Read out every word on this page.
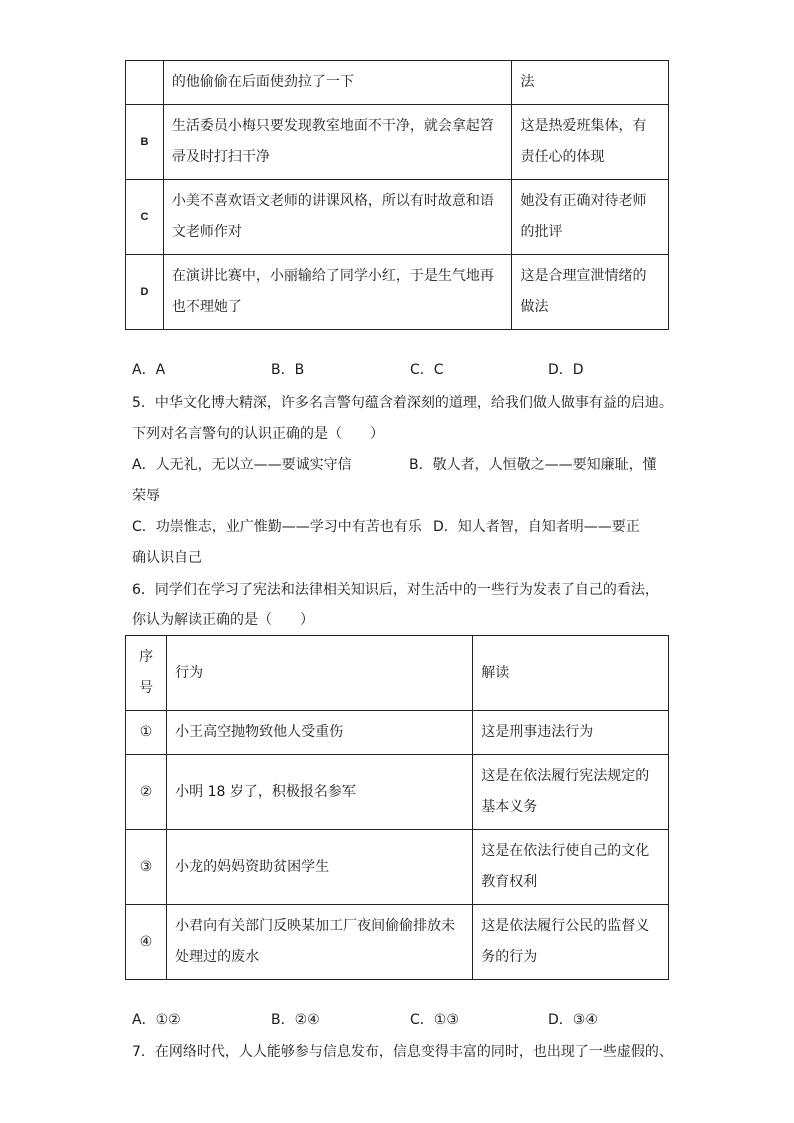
	的他偷偷在后面使劲拉了一下	法
B	生活委员小梅只要发现教室地面不干净，就会拿起笤帚及时打扫干净	这是热爱班集体，有责任心的体现
C	小美不喜欢语文老师的讲课风格，所以有时故意和语文老师作对	她没有正确对待老师的批评
D	在演讲比赛中，小丽输给了同学小红，于是生气地再也不理她了	这是合理宣泄情绪的做法
A．A	B．B	C．C	D．D
5．中华文化博大精深，许多名言警句蕴含着深刻的道理，给我们做人做事有益的启迪。
下列对名言警句的认识正确的是（　　）
A．人无礼，无以立——要诚实守信	B．敬人者，人恒敬之——要知廉耻，懂
荣辱
C．功崇惟志，业广惟勤——学习中有苦也有乐 D．知人者智，自知者明——要正
确认识自己
6．同学们在学习了宪法和法律相关知识后，对生活中的一些行为发表了自己的看法，
你认为解读正确的是（　　）
序号	行为	解读
①	小王高空抛物致他人受重伤	这是刑事违法行为
②	小明 18 岁了，积极报名参军	这是在依法履行宪法规定的基本义务
③	小龙的妈妈资助贫困学生	这是在依法行使自己的文化教育权利
④	小君向有关部门反映某加工厂夜间偷偷排放未处理过的废水	这是依法履行公民的监督义务的行为
A．①②	B．②④	C．①③	D．③④
7．在网络时代，人人能够参与信息发布，信息变得丰富的同时，也出现了一些虚假的、
